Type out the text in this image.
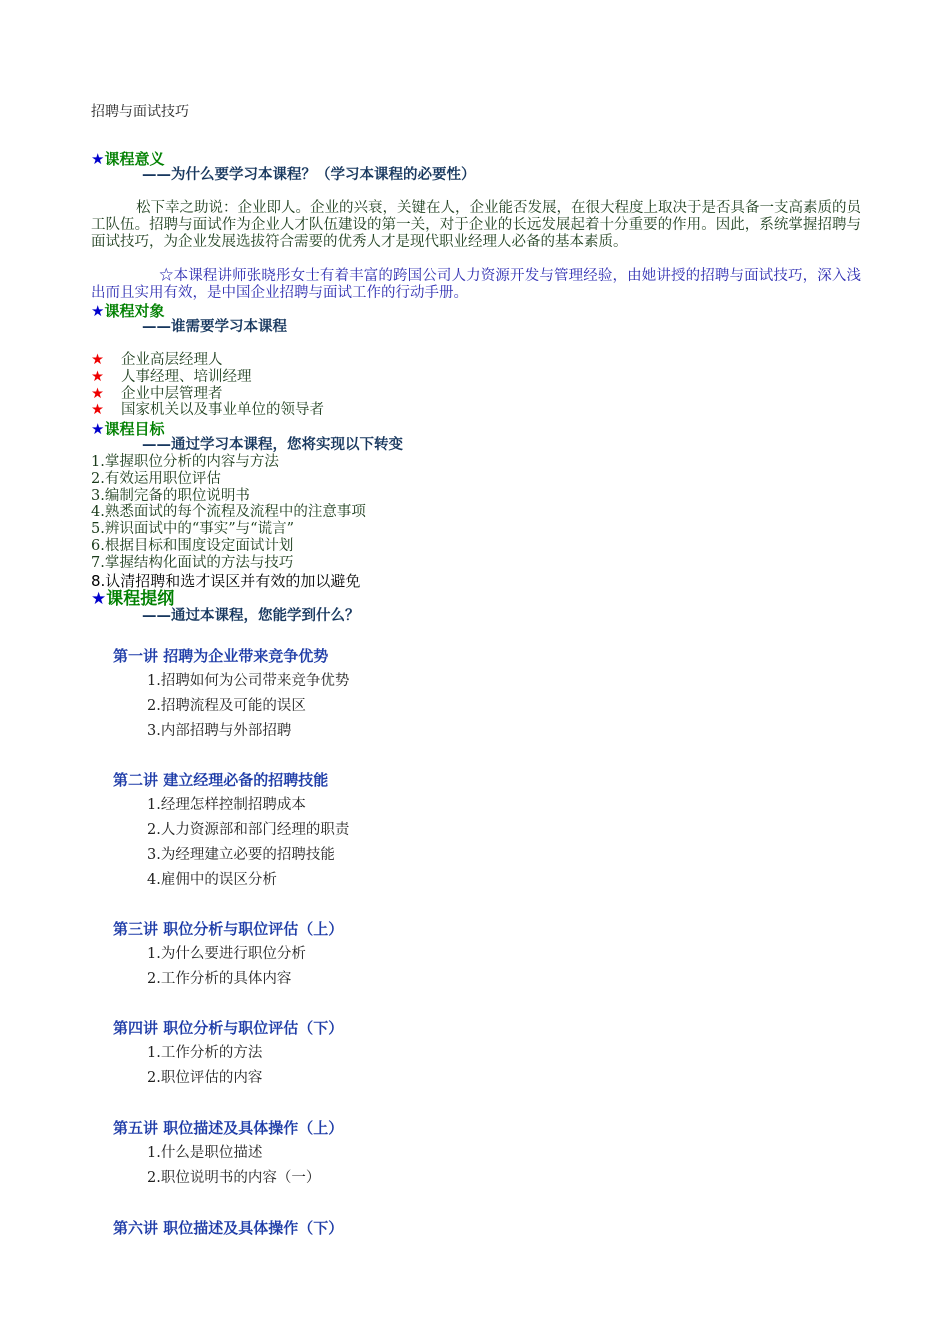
招聘与面试技巧
★课程意义
——为什么要学习本课程？（学习本课程的必要性）

松下幸之助说：企业即人。企业的兴衰，关键在人，企业能否发展，在很大程度上取决于是否具备一支高素质的员工队伍。招聘与面试作为企业人才队伍建设的第一关，对于企业的长远发展起着十分重要的作用。因此，系统掌握招聘与面试技巧，为企业发展选拔符合需要的优秀人才是现代职业经理人必备的基本素质。

☆本课程讲师张晓彤女士有着丰富的跨国公司人力资源开发与管理经验，由她讲授的招聘与面试技巧，深入浅出而且实用有效，是中国企业招聘与面试工作的行动手册。

★课程对象
——谁需要学习本课程
★ 企业高层经理人
★ 人事经理、培训经理
★ 企业中层管理者
★ 国家机关以及事业单位的领导者
★课程目标
——通过学习本课程，您将实现以下转变
1.掌握职位分析的内容与方法
2.有效运用职位评估
3.编制完备的职位说明书
4.熟悉面试的每个流程及流程中的注意事项
5.辨识面试中的“事实”与“谎言”
6.根据目标和围度设定面试计划
7.掌握结构化面试的方法与技巧
8.认清招聘和选才误区并有效的加以避免
★课程提纲
——通过本课程，您能学到什么？
第一讲 招聘为企业带来竞争优势
1.招聘如何为公司带来竞争优势
2.招聘流程及可能的误区
3.内部招聘与外部招聘
第二讲 建立经理必备的招聘技能
1.经理怎样控制招聘成本
2.人力资源部和部门经理的职责
3.为经理建立必要的招聘技能
4.雇佣中的误区分析
第三讲 职位分析与职位评估（上）
1.为什么要进行职位分析
2.工作分析的具体内容
第四讲 职位分析与职位评估（下）
1.工作分析的方法
2.职位评估的内容
第五讲 职位描述及具体操作（上）
1.什么是职位描述
2.职位说明书的内容（一）
第六讲 职位描述及具体操作（下）
